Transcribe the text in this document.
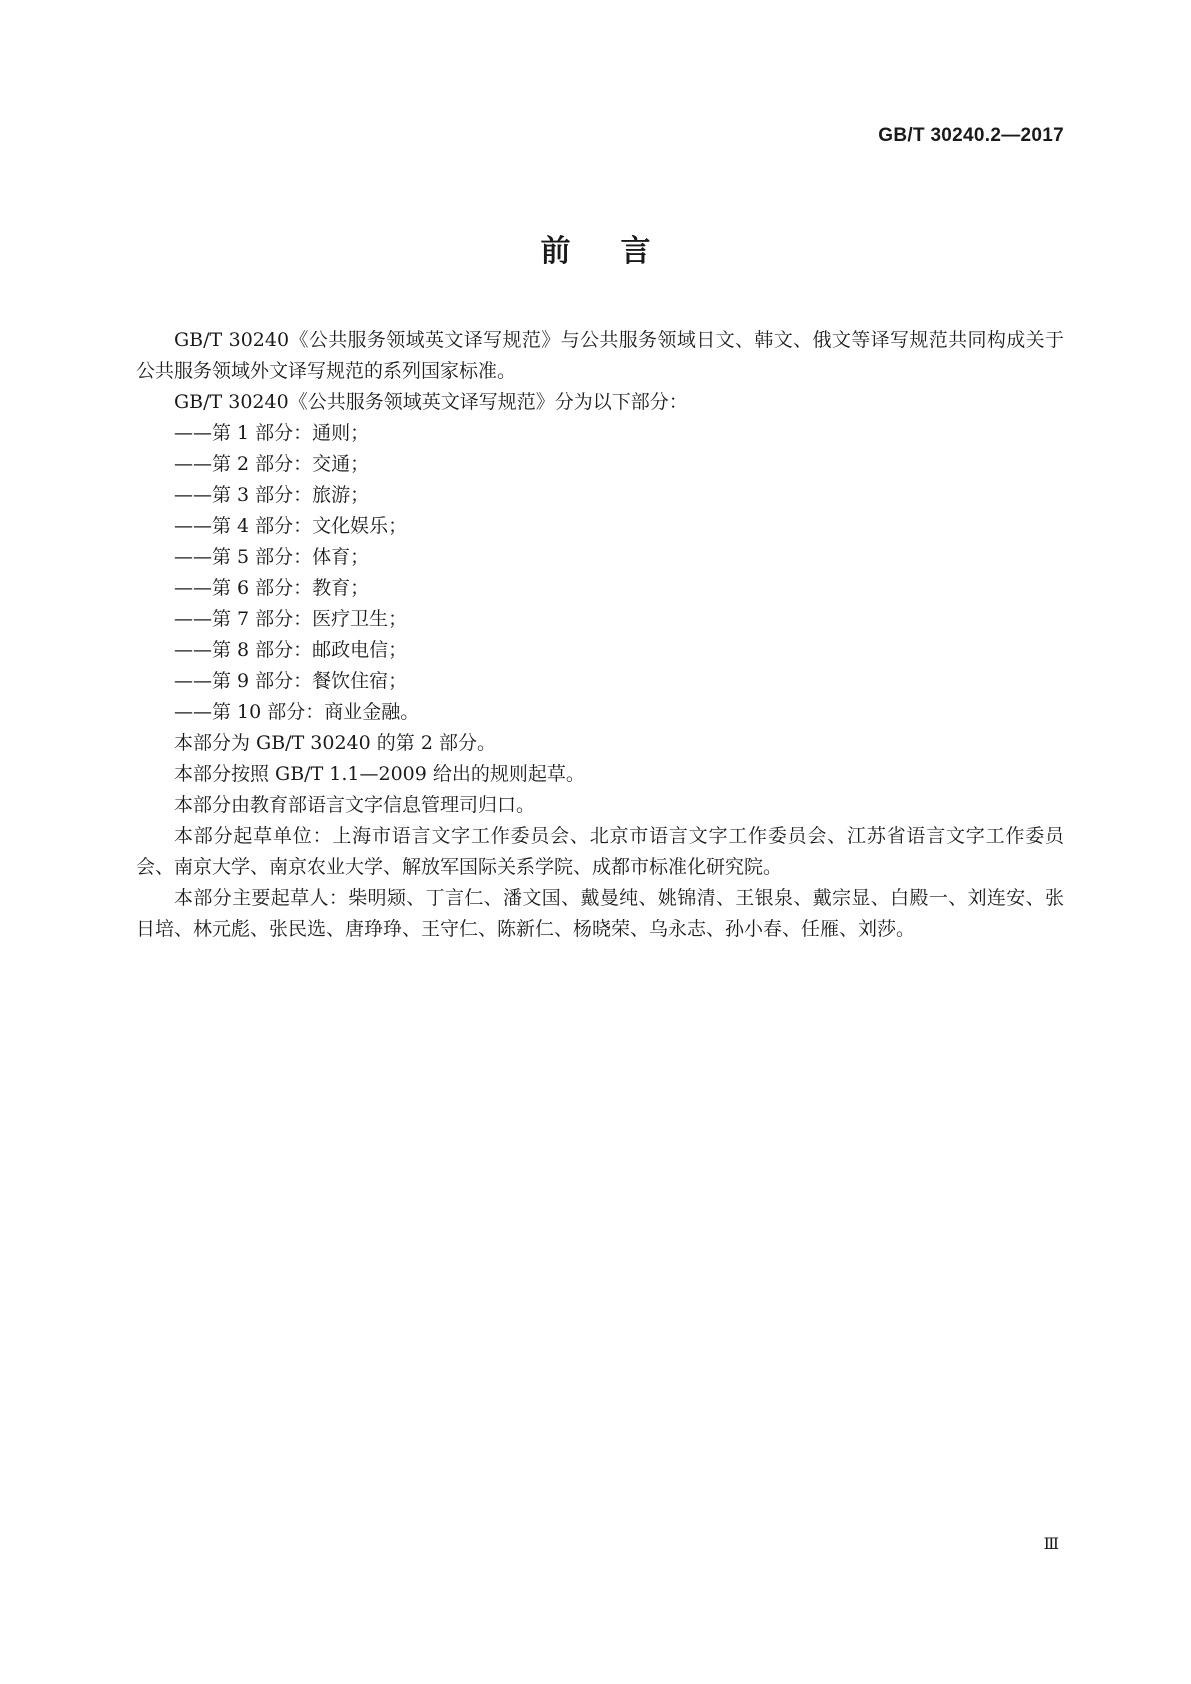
GB/T 30240.2—2017
前言

GB/T 30240《公共服务领域英文译写规范》与公共服务领域日文、韩文、俄文等译写规范共同构成关于公共服务领域外文译写规范的系列国家标准。

GB/T 30240《公共服务领域英文译写规范》分为以下部分：

——第 1 部分：通则；

——第 2 部分：交通；

——第 3 部分：旅游；

——第 4 部分：文化娱乐；

——第 5 部分：体育；

——第 6 部分：教育；

——第 7 部分：医疗卫生；

——第 8 部分：邮政电信；

——第 9 部分：餐饮住宿；

——第 10 部分：商业金融。

本部分为 GB/T 30240 的第 2 部分。

本部分按照 GB/T 1.1—2009 给出的规则起草。

本部分由教育部语言文字信息管理司归口。

本部分起草单位：上海市语言文字工作委员会、北京市语言文字工作委员会、江苏省语言文字工作委员会、南京大学、南京农业大学、解放军国际关系学院、成都市标准化研究院。

本部分主要起草人：柴明颎、丁言仁、潘文国、戴曼纯、姚锦清、王银泉、戴宗显、白殿一、刘连安、张日培、林元彪、张民选、唐琤琤、王守仁、陈新仁、杨晓荣、乌永志、孙小春、任雁、刘莎。

Ⅲ
